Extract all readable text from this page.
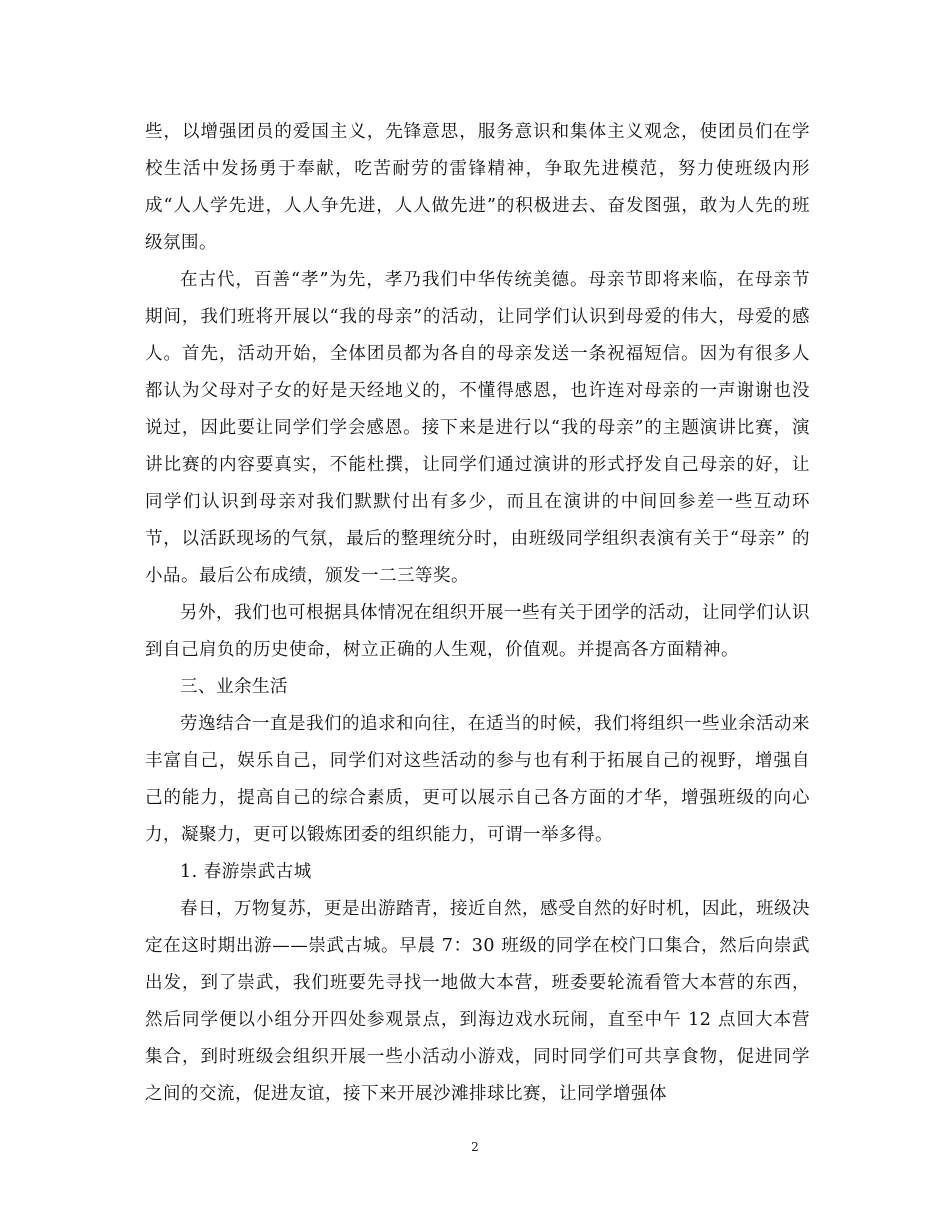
些，以增强团员的爱国主义，先锋意思，服务意识和集体主义观念，使团员们在学校生活中发扬勇于奉献，吃苦耐劳的雷锋精神，争取先进模范，努力使班级内形成“人人学先进，人人争先进，人人做先进”的积极进去、奋发图强，敢为人先的班级氛围。

在古代，百善“孝”为先，孝乃我们中华传统美德。母亲节即将来临，在母亲节期间，我们班将开展以“我的母亲”的活动，让同学们认识到母爱的伟大，母爱的感人。首先，活动开始，全体团员都为各自的母亲发送一条祝福短信。因为有很多人都认为父母对子女的好是天经地义的，不懂得感恩，也许连对母亲的一声谢谢也没说过，因此要让同学们学会感恩。接下来是进行以“我的母亲”的主题演讲比赛，演讲比赛的内容要真实，不能杜撰，让同学们通过演讲的形式抒发自己母亲的好，让同学们认识到母亲对我们默默付出有多少，而且在演讲的中间回参差一些互动环节，以活跃现场的气氛，最后的整理统分时，由班级同学组织表演有关于“母亲” 的小品。最后公布成绩，颁发一二三等奖。

另外，我们也可根据具体情况在组织开展一些有关于团学的活动，让同学们认识到自己肩负的历史使命，树立正确的人生观，价值观。并提高各方面精神。

三、业余生活

劳逸结合一直是我们的追求和向往，在适当的时候，我们将组织一些业余活动来丰富自己，娱乐自己，同学们对这些活动的参与也有利于拓展自己的视野，增强自己的能力，提高自己的综合素质，更可以展示自己各方面的才华，增强班级的向心力，凝聚力，更可以锻炼团委的组织能力，可谓一举多得。

1. 春游崇武古城

春日，万物复苏，更是出游踏青，接近自然，感受自然的好时机，因此，班级决定在这时期出游——崇武古城。早晨 7：30 班级的同学在校门口集合，然后向崇武出发，到了崇武，我们班要先寻找一地做大本营，班委要轮流看管大本营的东西，然后同学便以小组分开四处参观景点，到海边戏水玩闹，直至中午 12 点回大本营集合，到时班级会组织开展一些小活动小游戏，同时同学们可共享食物，促进同学之间的交流，促进友谊，接下来开展沙滩排球比赛，让同学增强体

2
